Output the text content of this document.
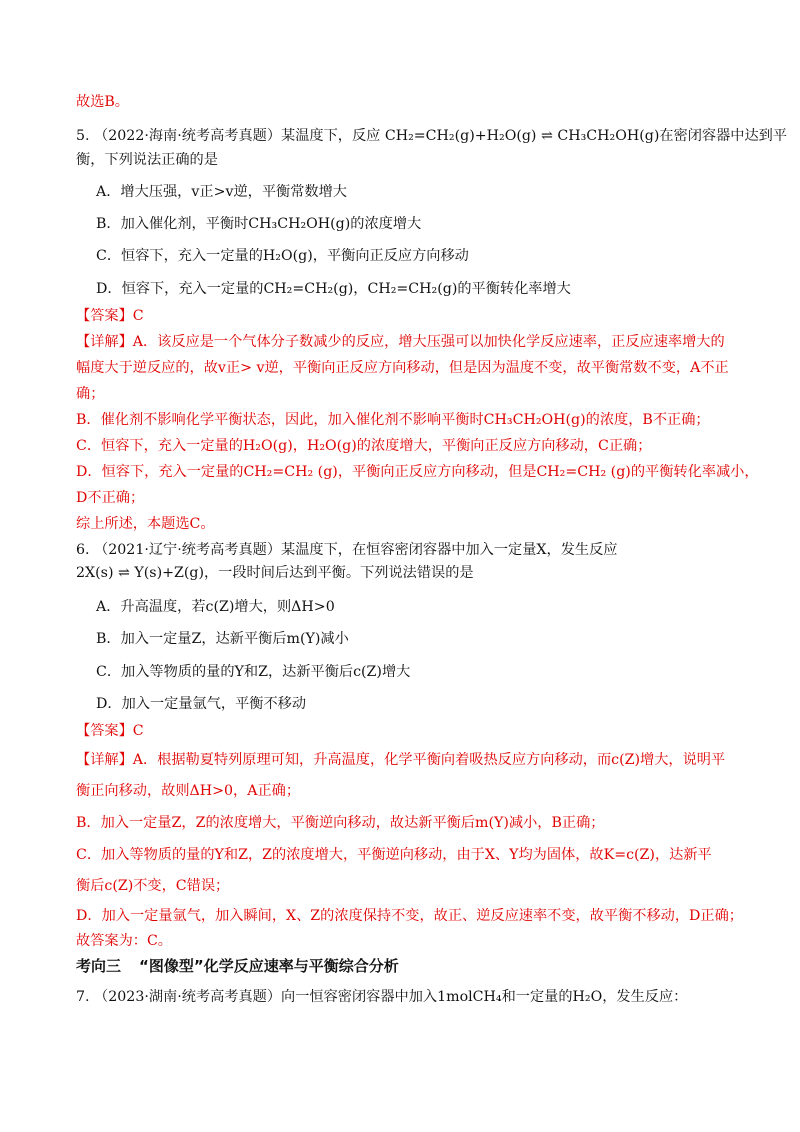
故选B。
5. （2022·海南·统考高考真题）某温度下，反应 CH₂=CH₂(g)+H₂O(g) ⇌ CH₃CH₂OH(g)在密闭容器中达到平
衡，下列说法正确的是
A．增大压强，v正>v逆，平衡常数增大
B．加入催化剂，平衡时CH₃CH₂OH(g)的浓度增大
C．恒容下，充入一定量的H₂O(g)，平衡向正反应方向移动
D．恒容下，充入一定量的CH₂=CH₂(g)，CH₂=CH₂(g)的平衡转化率增大
【答案】C
【详解】A．该反应是一个气体分子数减少的反应，增大压强可以加快化学反应速率，正反应速率增大的
幅度大于逆反应的，故v正> v逆，平衡向正反应方向移动，但是因为温度不变，故平衡常数不变，A不正
确；
B．催化剂不影响化学平衡状态，因此，加入催化剂不影响平衡时CH₃CH₂OH(g)的浓度，B不正确；
C．恒容下，充入一定量的H₂O(g)，H₂O(g)的浓度增大，平衡向正反应方向移动，C正确；
D．恒容下，充入一定量的CH₂=CH₂ (g)，平衡向正反应方向移动，但是CH₂=CH₂ (g)的平衡转化率减小，
D不正确；
综上所述，本题选C。
6. （2021·辽宁·统考高考真题）某温度下，在恒容密闭容器中加入一定量X，发生反应
2X(s) ⇌ Y(s)+Z(g)，一段时间后达到平衡。下列说法错误的是
A．升高温度，若c(Z)增大，则ΔH>0
B．加入一定量Z，达新平衡后m(Y)减小
C．加入等物质的量的Y和Z，达新平衡后c(Z)增大
D．加入一定量氩气，平衡不移动
【答案】C
【详解】A．根据勒夏特列原理可知，升高温度，化学平衡向着吸热反应方向移动，而c(Z)增大，说明平
衡正向移动，故则ΔH>0，A正确；
B．加入一定量Z，Z的浓度增大，平衡逆向移动，故达新平衡后m(Y)减小，B正确；
C．加入等物质的量的Y和Z，Z的浓度增大，平衡逆向移动，由于X、Y均为固体，故K=c(Z)，达新平
衡后c(Z)不变，C错误；
D．加入一定量氩气，加入瞬间，X、Z的浓度保持不变，故正、逆反应速率不变，故平衡不移动，D正确；
故答案为：C。
考向三 “图像型”化学反应速率与平衡综合分析
7. （2023·湖南·统考高考真题）向一恒容密闭容器中加入1molCH₄和一定量的H₂O，发生反应：
